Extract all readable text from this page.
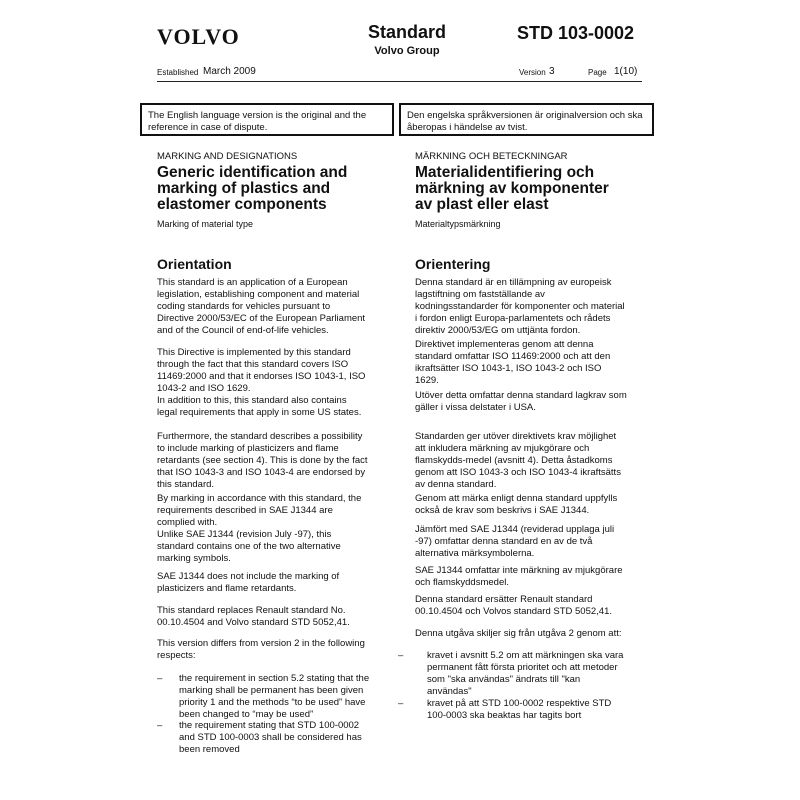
VOLVO	Standard
Volvo Group
STD 103-0002
Established March 2009	Version 3	Page 1(10)
The English language version is the original and the reference in case of dispute.
Den engelska språkversionen är originalversion och ska åberopas i händelse av tvist.
MARKING AND DESIGNATIONS
Generic identification and marking of plastics and elastomer components
Marking of material type
Orientation

This standard is an application of a European legislation, establishing component and material coding standards for vehicles pursuant to Directive 2000/53/EC of the European Parliament and of the Council of end-of-life vehicles.

This Directive is implemented by this standard through the fact that this standard covers ISO 11469:2000 and that it endorses ISO 1043-1, ISO 1043-2 and ISO 1629.

In addition to this, this standard also contains legal requirements that apply in some US states.

Furthermore, the standard describes a possibility to include marking of plasticizers and flame retardants (see section 4). This is done by the fact that ISO 1043-3 and ISO 1043-4 are endorsed by this standard.

By marking in accordance with this standard, the requirements described in SAE J1344 are complied with.

Unlike SAE J1344 (revision July -97), this standard contains one of the two alternative marking symbols.

SAE J1344 does not include the marking of plasticizers and flame retardants.

This standard replaces Renault standard No. 00.10.4504 and Volvo standard STD 5052,41.

This version differs from version 2 in the following respects:

– the requirement in section 5.2 stating that the marking shall be permanent has been given priority 1 and the methods “to be used” have been changed to “may be used”
– the requirement stating that STD 100-0002 and STD 100-0003 shall be considered has been removed
MÄRKNING OCH BETECKNINGAR
Materialidentifiering och märkning av komponenter av plast eller elast
Materialtypsmärkning
Orientering

Denna standard är en tillämpning av europeisk lagstiftning om fastställande av kodningsstandarder för komponenter och material i fordon enligt Europa-parlamentets och rådets direktiv 2000/53/EG om uttjänta fordon.

Direktivet implementeras genom att denna standard omfattar ISO 11469:2000 och att den ikraftsätter ISO 1043-1, ISO 1043-2 och ISO 1629.

Utöver detta omfattar denna standard lagkrav som gäller i vissa delstater i USA.

Standarden ger utöver direktivets krav möjlighet att inkludera märkning av mjukgörare och flamskydds-medel (avsnitt 4). Detta åstadkoms genom att ISO 1043-3 och ISO 1043-4 ikraftsätts av denna standard.

Genom att märka enligt denna standard uppfylls också de krav som beskrivs i SAE J1344.

Jämfört med SAE J1344 (reviderad upplaga juli -97) omfattar denna standard en av de två alternativa märksymbolerna.

SAE J1344 omfattar inte märkning av mjukgörare och flamskyddsmedel.

Denna standard ersätter Renault standard 00.10.4504 och Volvos standard STD 5052,41.

Denna utgåva skiljer sig från utgåva 2 genom att:

– kravet i avsnitt 5.2 om att märkningen ska vara permanent fått första prioritet och att metoder som "ska användas" ändrats till "kan användas"
– kravet på att STD 100-0002 respektive STD 100-0003 ska beaktas har tagits bort
